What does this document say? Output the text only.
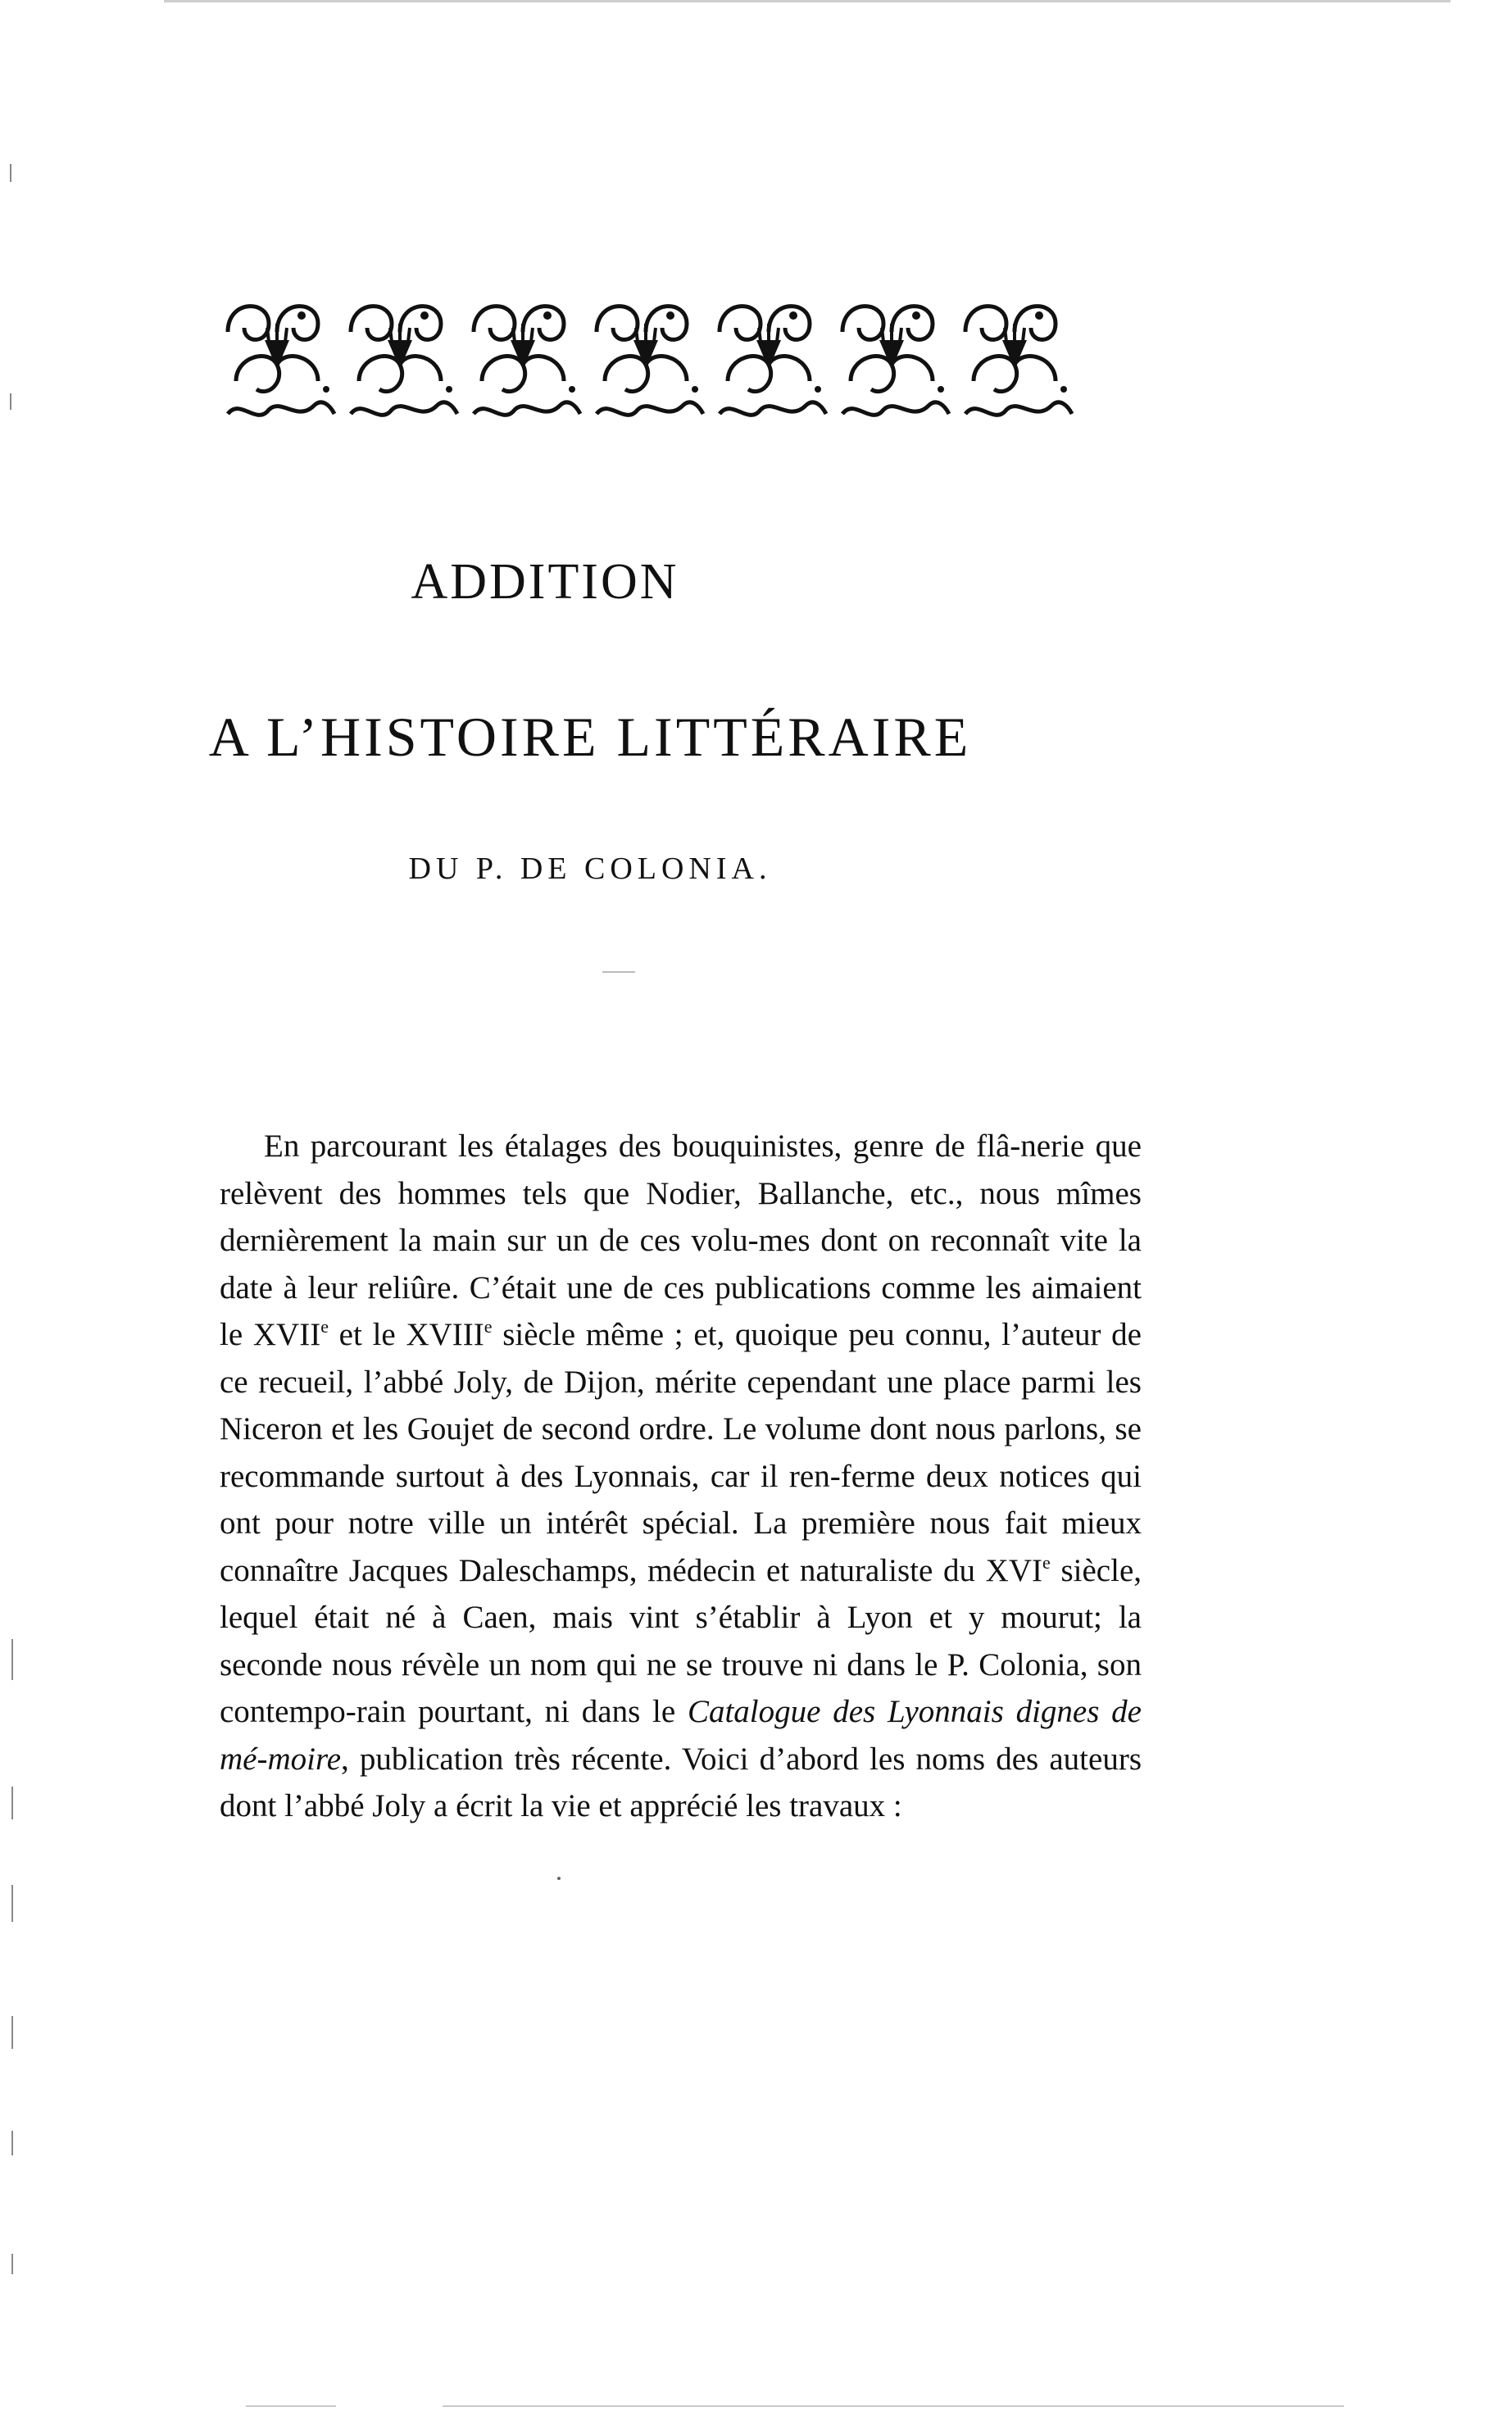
ADDITION
A L’HISTOIRE LITTÉRAIRE
DU P. DE COLONIA.

En parcourant les étalages des bouquinistes, genre de flâ-nerie que relèvent des hommes tels que Nodier, Ballanche, etc., nous mîmes dernièrement la main sur un de ces volu-mes dont on reconnaît vite la date à leur reliûre. C’était une de ces publications comme les aimaient le XVIIe et le XVIIIe siècle même ; et, quoique peu connu, l’auteur de ce recueil, l’abbé Joly, de Dijon, mérite cependant une place parmi les Niceron et les Goujet de second ordre. Le volume dont nous parlons, se recommande surtout à des Lyonnais, car il ren-ferme deux notices qui ont pour notre ville un intérêt spécial. La première nous fait mieux connaître Jacques Daleschamps, médecin et naturaliste du XVIe siècle, lequel était né à Caen, mais vint s’établir à Lyon et y mourut; la seconde nous révèle un nom qui ne se trouve ni dans le P. Colonia, son contempo-rain pourtant, ni dans le Catalogue des Lyonnais dignes de mé-moire, publication très récente. Voici d’abord les noms des auteurs dont l’abbé Joly a écrit la vie et apprécié les travaux :
